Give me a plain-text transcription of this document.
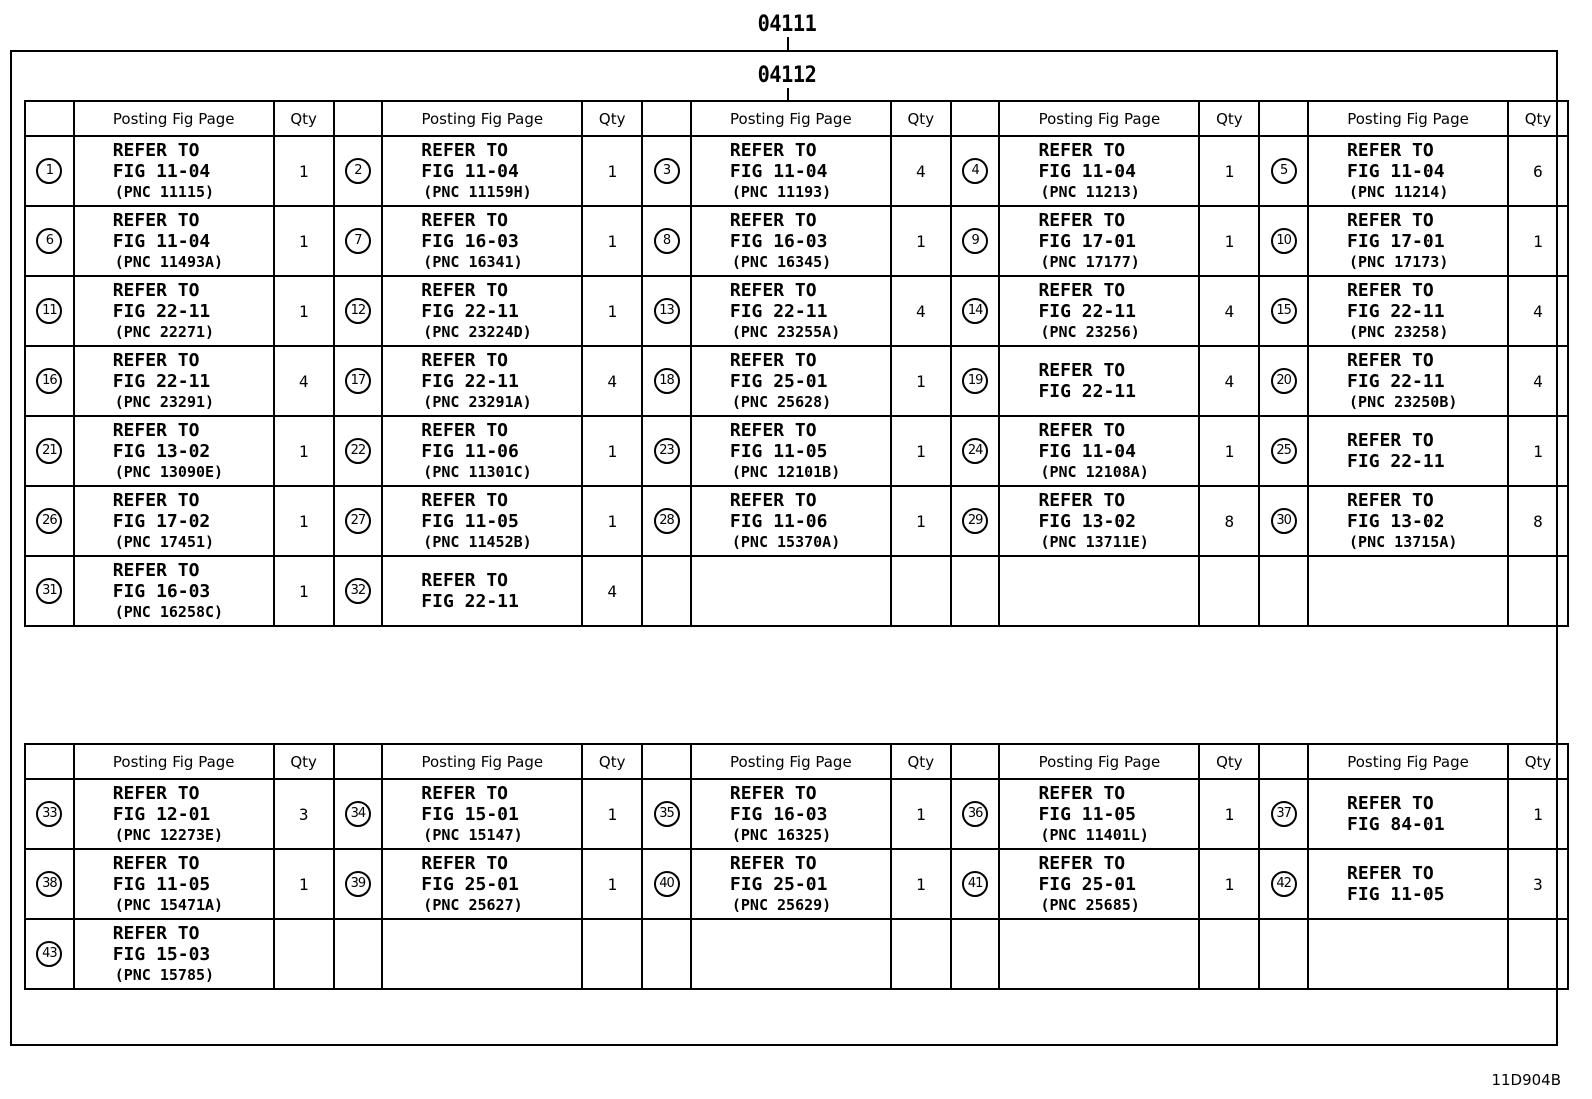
04111
04112
	Posting Fig Page	Qty		Posting Fig Page	Qty		Posting Fig Page	Qty		Posting Fig Page	Qty		Posting Fig Page	Qty
1	REFER TO
FIG 11-04
(PNC 11115)	1	2	REFER TO
FIG 11-04
(PNC 11159H)	1	3	REFER TO
FIG 11-04
(PNC 11193)	4	4	REFER TO
FIG 11-04
(PNC 11213)	1	5	REFER TO
FIG 11-04
(PNC 11214)	6
6	REFER TO
FIG 11-04
(PNC 11493A)	1	7	REFER TO
FIG 16-03
(PNC 16341)	1	8	REFER TO
FIG 16-03
(PNC 16345)	1	9	REFER TO
FIG 17-01
(PNC 17177)	1	10	REFER TO
FIG 17-01
(PNC 17173)	1
11	REFER TO
FIG 22-11
(PNC 22271)	1	12	REFER TO
FIG 22-11
(PNC 23224D)	1	13	REFER TO
FIG 22-11
(PNC 23255A)	4	14	REFER TO
FIG 22-11
(PNC 23256)	4	15	REFER TO
FIG 22-11
(PNC 23258)	4
16	REFER TO
FIG 22-11
(PNC 23291)	4	17	REFER TO
FIG 22-11
(PNC 23291A)	4	18	REFER TO
FIG 25-01
(PNC 25628)	1	19	REFER TO
FIG 22-11	4	20	REFER TO
FIG 22-11
(PNC 23250B)	4
21	REFER TO
FIG 13-02
(PNC 13090E)	1	22	REFER TO
FIG 11-06
(PNC 11301C)	1	23	REFER TO
FIG 11-05
(PNC 12101B)	1	24	REFER TO
FIG 11-04
(PNC 12108A)	1	25	REFER TO
FIG 22-11	1
26	REFER TO
FIG 17-02
(PNC 17451)	1	27	REFER TO
FIG 11-05
(PNC 11452B)	1	28	REFER TO
FIG 11-06
(PNC 15370A)	1	29	REFER TO
FIG 13-02
(PNC 13711E)	8	30	REFER TO
FIG 13-02
(PNC 13715A)	8
31	REFER TO
FIG 16-03
(PNC 16258C)	1	32	REFER TO
FIG 22-11	4									
	Posting Fig Page	Qty		Posting Fig Page	Qty		Posting Fig Page	Qty		Posting Fig Page	Qty		Posting Fig Page	Qty
33	REFER TO
FIG 12-01
(PNC 12273E)	3	34	REFER TO
FIG 15-01
(PNC 15147)	1	35	REFER TO
FIG 16-03
(PNC 16325)	1	36	REFER TO
FIG 11-05
(PNC 11401L)	1	37	REFER TO
FIG 84-01	1
38	REFER TO
FIG 11-05
(PNC 15471A)	1	39	REFER TO
FIG 25-01
(PNC 25627)	1	40	REFER TO
FIG 25-01
(PNC 25629)	1	41	REFER TO
FIG 25-01
(PNC 25685)	1	42	REFER TO
FIG 11-05	3
43	REFER TO
FIG 15-03
(PNC 15785)													

11D904B
